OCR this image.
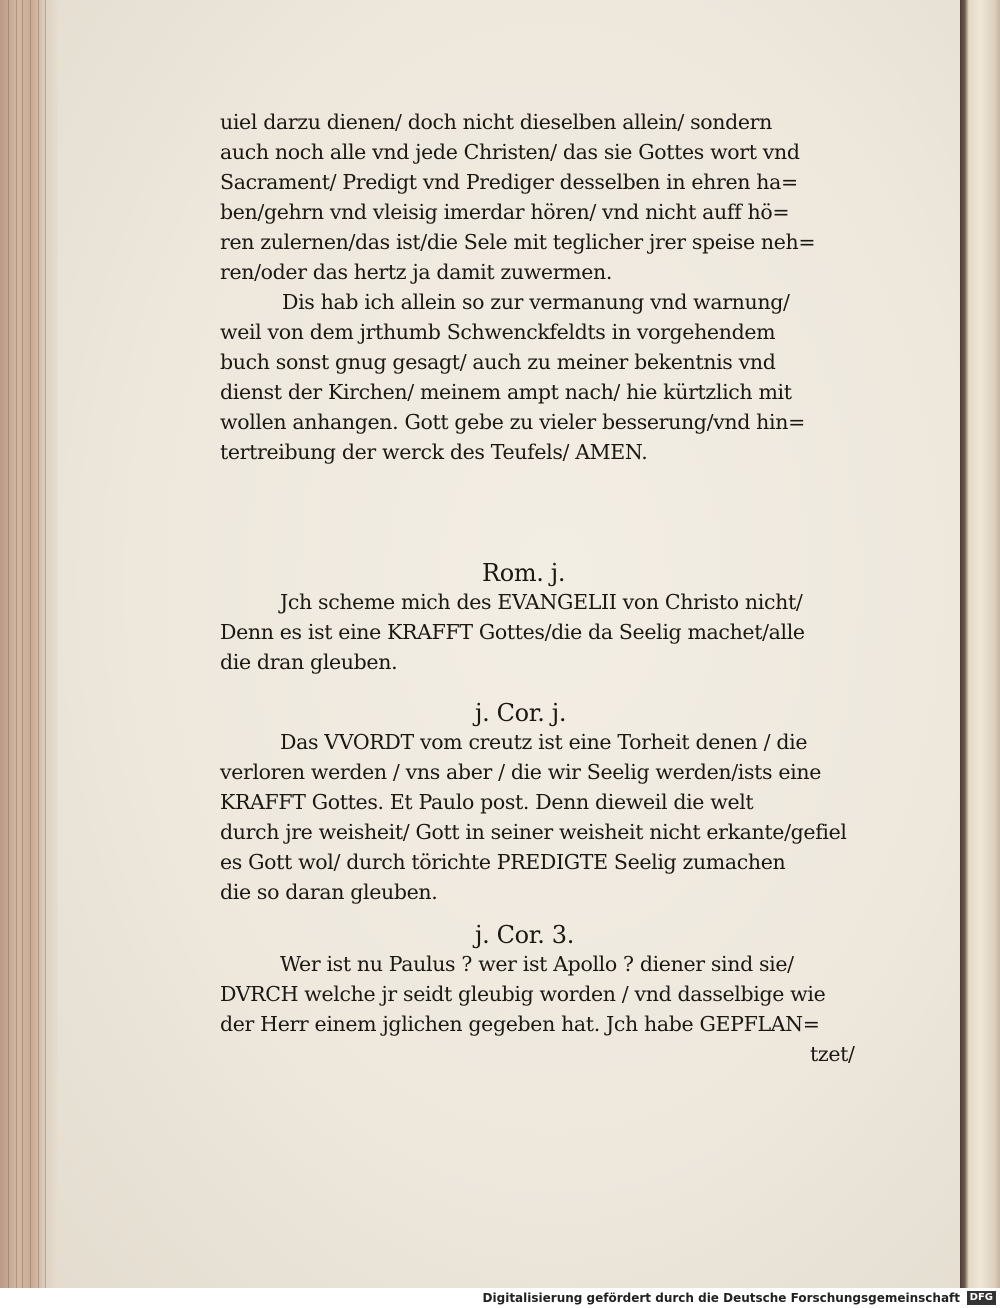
uiel darzu dienen/ doch nicht dieselben allein/ sondern
auch noch alle vnd jede Christen/ das sie Gottes wort vnd
Sacrament/ Predigt vnd Prediger desselben in ehren ha=
ben/gehrn vnd vleisig imerdar hören/ vnd nicht auff hö=
ren zulernen/das ist/die Sele mit teglicher jrer speise neh=
ren/oder das hertz ja damit zuwermen.
Dis hab ich allein so zur vermanung vnd warnung/
weil von dem jrthumb Schwenckfeldts in vorgehendem
buch sonst gnug gesagt/ auch zu meiner bekentnis vnd
dienst der Kirchen/ meinem ampt nach/ hie kürtzlich mit
wollen anhangen. Gott gebe zu vieler besserung/vnd hin=
tertreibung der werck des Teufels/ AMEN.
Rom. j.
Jch scheme mich des EVANGELII von Christo nicht/
Denn es ist eine KRAFFT Gottes/die da Seelig machet/alle
die dran gleuben.
j. Cor. j.
Das VVORDT vom creutz ist eine Torheit denen / die
verloren werden / vns aber / die wir Seelig werden/ists eine
KRAFFT Gottes. Et Paulo post. Denn dieweil die welt
durch jre weisheit/ Gott in seiner weisheit nicht erkante/gefiel
es Gott wol/ durch törichte PREDIGTE Seelig zumachen
die so daran gleuben.
j. Cor. 3.
Wer ist nu Paulus ? wer ist Apollo ? diener sind sie/
DVRCH welche jr seidt gleubig worden / vnd dasselbige wie
der Herr einem jglichen gegeben hat. Jch habe GEPFLAN=
tzet/
Digitalisierung gefördert durch die Deutsche Forschungsgemeinschaft DFG
